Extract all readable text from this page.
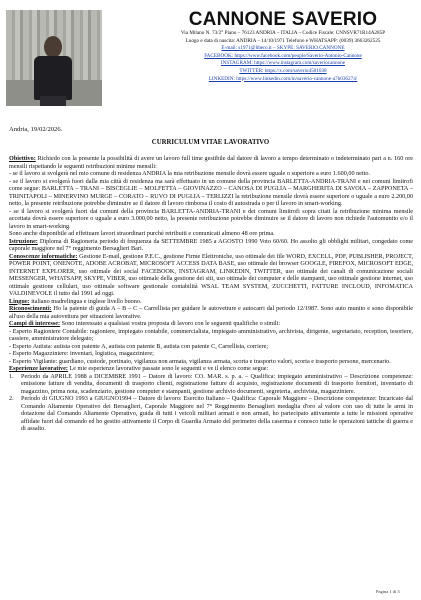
CANNONE SAVERIO
Via Milano N. 73/2° Piano – 76123 ANDRIA – ITALIA – Codice Fiscale: CNNSVR71R14A285P
Luogo e data di nascita: ANDRIA – 14/10/1971 Telefono e WHATSAPP: (0039) 3663262525
E-mail: s1971@libero.it – SKYPE: SAVERIO.CANNONE
FACEBOOK: https://www.facebook.com/people/Saverio-Antonio-Cannone
INSTAGRAM: https://www.instagram.com/saveriocannone
TWITTER: https://x.com/saverio4501038
LINKEDIN: https://www.linkedin.com/in/saverio-cannone-a7b036274/
Andria, 19/02/2026.
CURRICULUM VITAE LAVORATIVO

Obiettivo: Richiedo con la presente la possibilità di avere un lavoro full time gestibile dal datore di lavoro a tempo determinato o indeterminato pari a n. 160 ore mensili rispettando le seguenti retribuzioni minime mensili:

- se il lavoro si svolgerà nel mio comune di residenza ANDRIA la mia retribuzione mensile dovrà essere uguale o superiore a euro 1.600,00 netto.

- se il lavoro si svolgerà fuori dalla mia città di residenza ma sarà effettuato in un comune della provincia BARLETTA-ANDRIA-TRANI e nei comuni limitrofi come segue: BARLETTA – TRANI – BISCEGLIE – MOLFETTA – GIOVINAZZO – CANOSA DI PUGLIA – MARGHERITA DI SAVOIA – ZAPPONETA – TRINITAPOLI – MINERVINO MURGE – CORATO – RUVO DI PUGLIA – TERLIZZI la retribuzione mensile dovrà essere superiore o uguale a euro 2.200,00 netto, la presente retribuzione potrebbe diminuire se il datore di lavoro rimborsa il costo di autostrada o per il lavoro in smart-working.

- se il lavoro si svolgerà fuori dai comuni della provincia BARLETTA-ANDRIA-TRANI e dei comuni limitrofi sopra citati la retribuzione minima mensile accettata dovrà essere superiore o uguale a euro 3.000,00 netto, la presente retribuzione potrebbe diminuire se il datore di lavoro non richiede l'automunito e/o il lavoro in smart-working.

Sono anche disponibile ad effettuare lavori straordinari purché retribuiti e comunicati almeno 48 ore prima.

Istruzione: Diploma di Ragioneria periodo di frequenza da SETTEMBRE 1985 a AGOSTO 1990 Voto 60/60. Ho assolto gli obblighi militari, congedato come caporale maggiore nel 7° reggimento Bersaglieri Bari.

Conoscenze informatiche: Gestione E-mail, gestione P.E.C., gestione Firme Elettroniche, uso ottimale dei file WORD, EXCELL, PDF, PUBLISHER, PROJECT, POWER POINT, ONENOTE, ADOBE ACROBAT, MICROSOFT ACCESS DATA BASE, uso ottimale dei browser GOOGLE, FIREFOX, MICROSOFT EDGE, INTERNET EXPLORER, uso ottimale dei social FACEBOOK, INSTAGRAM, LINKEDIN, TWITTER, uso ottimale dei canali di comunicazione sociali MESSENGER, WHATSAPP, SKYPE, VIBER, uso ottimale della gestione dei siti, uso ottimale dei computer e delle stampanti, uso ottimale gestione internet, uso ottimale gestione cellulari, uso ottimale software gestionale contabilità WSAL TEAM SYSTEM, ZUCCHETTI, FATTURE INCLOUD, INFOMATICA VALDINEVOLE il tutto dal 1991 ad oggi.

Lingue: italiano madrelingua e inglese livello buono.

Riconoscimenti: Ho la patente di guida A – B – C – Carrellista per guidare le autovetture e autocarri dal periodo 12/1987. Sono auto munito e sono disponibile all'uso della mia autovettura per situazioni lavorative.

Campi di interesse: Sono interessato a qualsiasi vostra proposta di lavoro con le seguenti qualifiche o simili:

- Esperto Ragioniere Contabile: ragioniere, impiegato contabile, commercialista, impiegato amministrativo, archivista, dirigente, segretariato, reception, tesoriere, cassiere, amministratore delegato;

- Esperto Autista: autista con patente A, autista con patente B, autista con patente C, Carrellista, corriere;

- Esperto Magazziniere: inventari, logistica, magazziniere;

- Esperto Vigilante: guardiano, custode, portinaio, vigilanza non armata, vigilanza armata, scorta e trasporto valori, scorta e trasporto persone, mercenario.

Esperienze lavorative: Le mie esperienze lavorative passate sono le seguenti e ve il elenco come segue:

1.	Periodo da APRILE 1988 a DICEMBRE 1991 – Datore di lavoro: CO. MAR. s. p. a. – Qualifica: impiegato amministrativo – Descrizione competenze: emissione fatture di vendita, documenti di trasporto clienti, registrazione fatture di acquisto, registrazione documenti di trasporto fornitori, inventario di magazzino, prima nota, scadenziario, gestione computer e stampanti, gestione archivio documenti, segreteria, archivista, magazziniere.
2.	Periodo di GIUGNO 1993 a GIUGNO1994 – Datore di lavoro: Esercito Italiano – Qualifica: Caporale Maggiore – Descrizione competenze: Incaricato dal Comando Altamente Operativo dei Bersaglieri, Caporale Maggiore nel 7° Reggimento Bersaglieri medaglia d'oro al valore con uso di tutte le armi in dotazione dal Comando Altamente Operativo, guida di tutti i veicoli militari armati e non armati, ho partecipato attivamente a tutte le missioni operative affidate fuori dal comando ed ho gestito attivamente il Corpo di Guardia Armato del perimetro della caserma e conosco tutte le operazioni tattiche di guerra e di assalto.
Pagina 1 di 3
